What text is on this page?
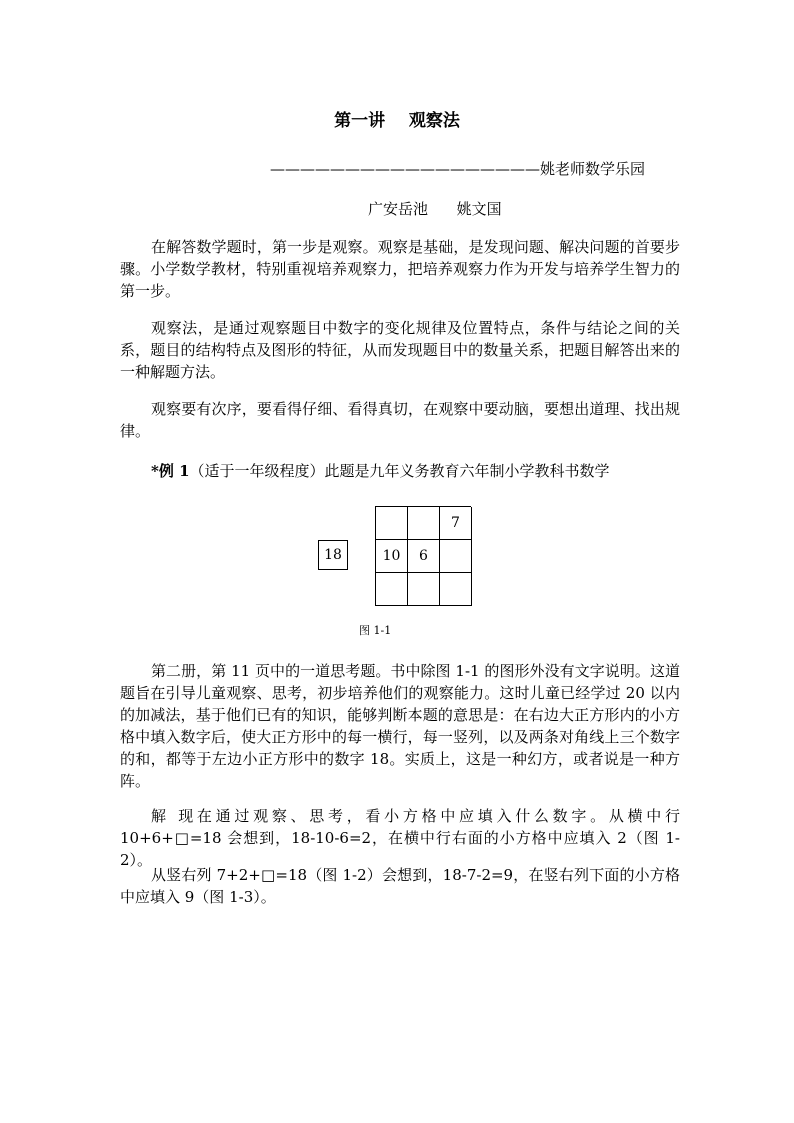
第一讲    观察法
——————————————————姚老师数学乐园
广安岳池      姚文国

在解答数学题时，第一步是观察。观察是基础，是发现问题、解决问题的首要步骤。小学数学教材，特别重视培养观察力，把培养观察力作为开发与培养学生智力的第一步。

观察法，是通过观察题目中数字的变化规律及位置特点，条件与结论之间的关系，题目的结构特点及图形的特征，从而发现题目中的数量关系，把题目解答出来的一种解题方法。

观察要有次序，要看得仔细、看得真切，在观察中要动脑，要想出道理、找出规律。

*例 1（适于一年级程度）此题是九年义务教育六年制小学教科书数学
18
7
10	6
图 1-1

第二册，第 11 页中的一道思考题。书中除图 1-1 的图形外没有文字说明。这道题旨在引导儿童观察、思考，初步培养他们的观察能力。这时儿童已经学过 20 以内的加减法，基于他们已有的知识，能够判断本题的意思是：在右边大正方形内的小方格中填入数字后，使大正方形中的每一横行，每一竖列，以及两条对角线上三个数字的和，都等于左边小正方形中的数字 18。实质上，这是一种幻方，或者说是一种方阵。

解 现在通过观察、思考，看小方格中应填入什么数字。从横中行 10+6+□=18 会想到，18-10-6=2，在横中行右面的小方格中应填入 2（图 1-2）。

从竖右列 7+2+□=18（图 1-2）会想到，18-7-2=9，在竖右列下面的小方格中应填入 9（图 1-3）。
